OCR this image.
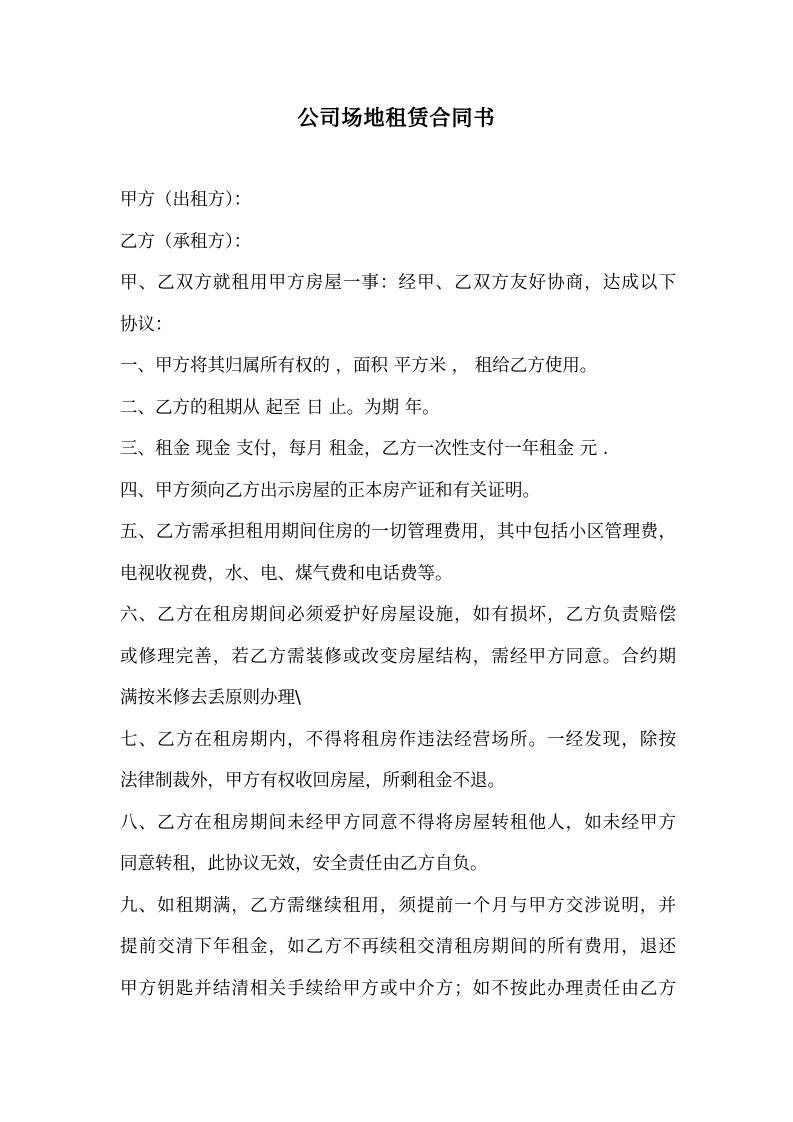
公司场地租赁合同书
甲方（出租方）：
乙方（承租方）：
甲、乙双方就租用甲方房屋一事：经甲、乙双方友好协商，达成以下
协议：
一、甲方将其归属所有权的 ，面积 平方米 ， 租给乙方使用。
二、乙方的租期从 起至 日 止。为期 年。
三、租金 现金 支付，每月 租金，乙方一次性支付一年租金 元 .
四、甲方须向乙方出示房屋的正本房产证和有关证明。
五、乙方需承担租用期间住房的一切管理费用，其中包括小区管理费，
电视收视费，水、电、煤气费和电话费等。
六、乙方在租房期间必须爱护好房屋设施，如有损坏，乙方负责赔偿
或修理完善，若乙方需装修或改变房屋结构，需经甲方同意。合约期
满按米修去丢原则办理\
七、乙方在租房期内，不得将租房作违法经营场所。一经发现，除按
法律制裁外，甲方有权收回房屋，所剩租金不退。
八、乙方在租房期间未经甲方同意不得将房屋转租他人，如未经甲方
同意转租，此协议无效，安全责任由乙方自负。
九、如租期满，乙方需继续租用，须提前一个月与甲方交涉说明，并
提前交清下年租金，如乙方不再续租交清租房期间的所有费用，退还
甲方钥匙并结清相关手续给甲方或中介方；如不按此办理责任由乙方
